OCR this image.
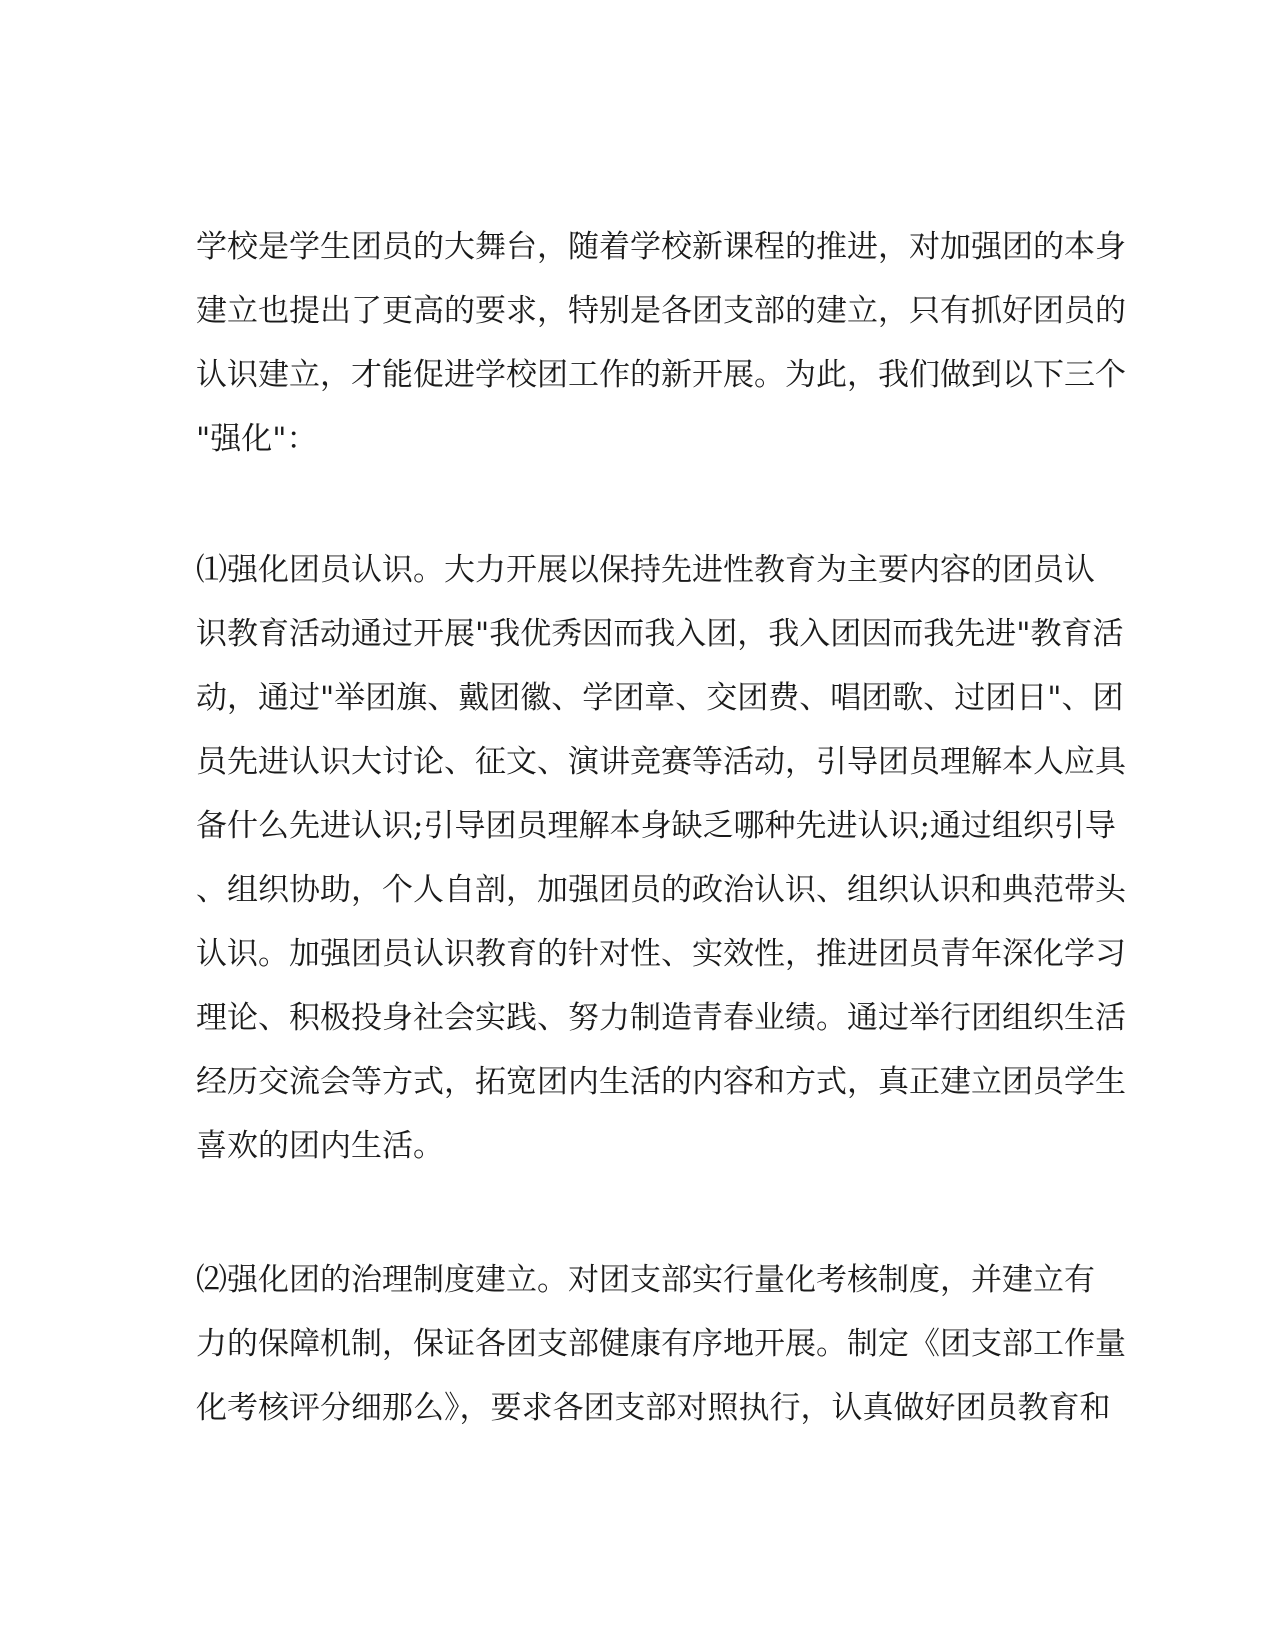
学校是学生团员的大舞台，随着学校新课程的推进，对加强团的本身
建立也提出了更高的要求，特别是各团支部的建立，只有抓好团员的
认识建立，才能促进学校团工作的新开展。为此，我们做到以下三个
"强化"：
⑴强化团员认识。大力开展以保持先进性教育为主要内容的团员认
识教育活动通过开展"我优秀因而我入团，我入团因而我先进"教育活
动，通过"举团旗、戴团徽、学团章、交团费、唱团歌、过团日"、团
员先进认识大讨论、征文、演讲竞赛等活动，引导团员理解本人应具
备什么先进认识;引导团员理解本身缺乏哪种先进认识;通过组织引导
、组织协助，个人自剖，加强团员的政治认识、组织认识和典范带头
认识。加强团员认识教育的针对性、实效性，推进团员青年深化学习
理论、积极投身社会实践、努力制造青春业绩。通过举行团组织生活
经历交流会等方式，拓宽团内生活的内容和方式，真正建立团员学生
喜欢的团内生活。
⑵强化团的治理制度建立。对团支部实行量化考核制度，并建立有
力的保障机制，保证各团支部健康有序地开展。制定《团支部工作量
化考核评分细那么》，要求各团支部对照执行，认真做好团员教育和
